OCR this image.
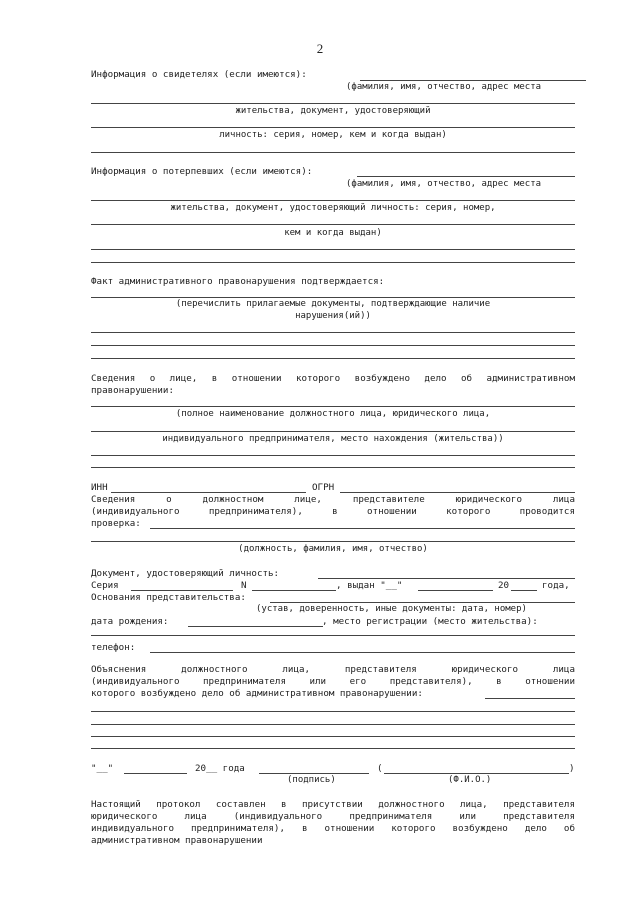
2
Информация о свидетелях (если имеются):
(фамилия, имя, отчество, адрес места
жительства, документ, удостоверяющий
личность: серия, номер, кем и когда выдан)
Информация о потерпевших (если имеются):
(фамилия, имя, отчество, адрес места
жительства, документ, удостоверяющий личность: серия, номер,
кем и когда выдан)
Факт административного правонарушения подтверждается:
(перечислить прилагаемые документы, подтверждающие наличие
нарушения(ий))
Сведения о лице, в отношении которого возбуждено дело об административном
правонарушении:
(полное наименование должностного лица, юридического лица,
индивидуального предпринимателя, место нахождения (жительства))
ИНН	ОГРН
Сведения о должностном лице, представителе юридического лица
(индивидуального предпринимателя), в отношении которого проводится
проверка:
(должность, фамилия, имя, отчество)
Документ, удостоверяющий личность:
Серия	N	, выдан "__"	20	года,
Основания представительства:
(устав, доверенность, иные документы: дата, номер)
дата рождения:	, место регистрации (место жительства):
телефон:
Объяснения должностного лица, представителя юридического лица
(индивидуального предпринимателя или его представителя), в отношении
которого возбуждено дело об административном правонарушении:
"__"	20__ года	(	)
(подпись)	(Ф.И.О.)
Настоящий протокол составлен в присутствии должностного лица, представителя
юридического лица (индивидуального предпринимателя или представителя
индивидуального предпринимателя), в отношении которого возбуждено дело об
административном правонарушении
